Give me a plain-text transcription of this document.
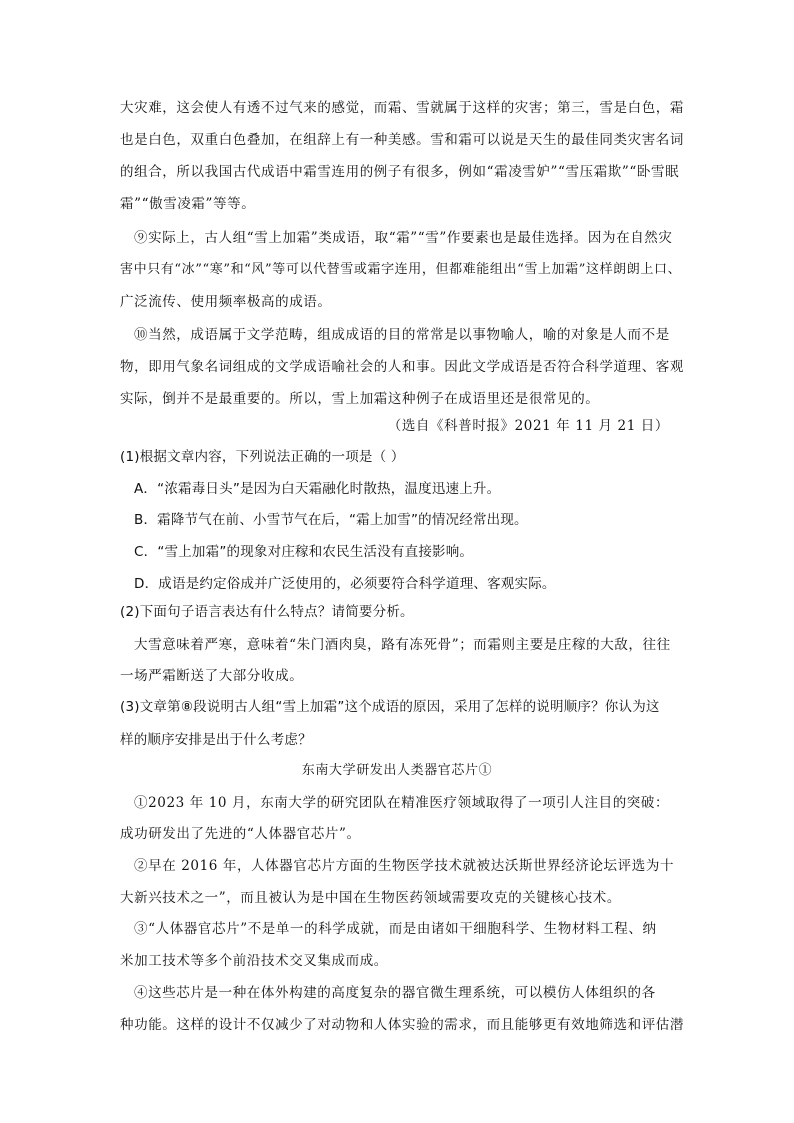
大灾难，这会使人有透不过气来的感觉，而霜、雪就属于这样的灾害；第三，雪是白色，霜
也是白色，双重白色叠加，在组辞上有一种美感。雪和霜可以说是天生的最佳同类灾害名词
的组合，所以我国古代成语中霜雪连用的例子有很多，例如“霜凌雪妒”“雪压霜欺”“卧雪眠
霜”“傲雪凌霜”等等。
⑨实际上，古人组“雪上加霜”类成语，取“霜”“雪”作要素也是最佳选择。因为在自然灾
害中只有“冰”“寒”和“风”等可以代替雪或霜字连用，但都难能组出“雪上加霜”这样朗朗上口、
广泛流传、使用频率极高的成语。
⑩当然，成语属于文学范畴，组成成语的目的常常是以事物喻人，喻的对象是人而不是
物，即用气象名词组成的文学成语喻社会的人和事。因此文学成语是否符合科学道理、客观
实际，倒并不是最重要的。所以，雪上加霜这种例子在成语里还是很常见的。
（选自《科普时报》2021 年 11 月 21 日）
(1)根据文章内容，下列说法正确的一项是（ ）
A．“浓霜毒日头”是因为白天霜融化时散热，温度迅速上升。
B．霜降节气在前、小雪节气在后，“霜上加雪”的情况经常出现。
C．“雪上加霜”的现象对庄稼和农民生活没有直接影响。
D．成语是约定俗成并广泛使用的，必须要符合科学道理、客观实际。
(2)下面句子语言表达有什么特点？请简要分析。
大雪意味着严寒，意味着“朱门酒肉臭，路有冻死骨”；而霜则主要是庄稼的大敌，往往
一场严霜断送了大部分收成。
(3)文章第⑧段说明古人组“雪上加霜”这个成语的原因，采用了怎样的说明顺序？你认为这
样的顺序安排是出于什么考虑？
东南大学研发出人类器官芯片①
①2023 年 10 月，东南大学的研究团队在精准医疗领域取得了一项引人注目的突破：
成功研发出了先进的“人体器官芯片”。
②早在 2016 年，人体器官芯片方面的生物医学技术就被达沃斯世界经济论坛评选为十
大新兴技术之一”，而且被认为是中国在生物医药领域需要攻克的关键核心技术。
③“人体器官芯片”不是单一的科学成就，而是由诸如干细胞科学、生物材料工程、纳
米加工技术等多个前沿技术交叉集成而成。
④这些芯片是一种在体外构建的高度复杂的器官微生理系统，可以模仿人体组织的各
种功能。这样的设计不仅减少了对动物和人体实验的需求，而且能够更有效地筛选和评估潜
